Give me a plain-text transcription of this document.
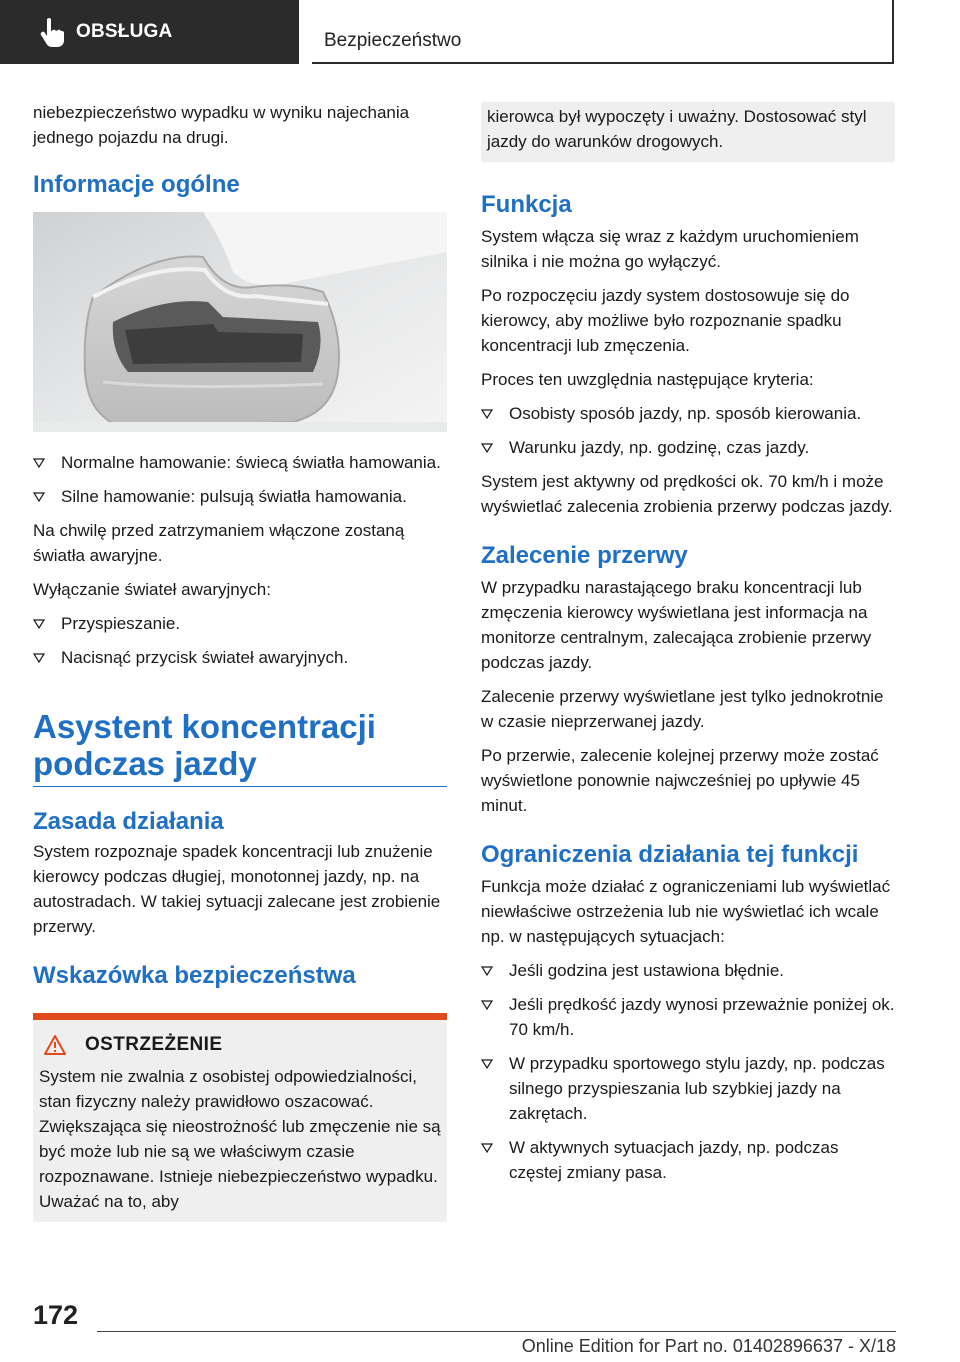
OBSŁUGA	Bezpieczeństwo

niebezpieczeństwo wypadku w wyniku najechania jednego pojazdu na drugi.

Informacje ogólne
Normalne hamowanie: świecą światła hamowania.
Silne hamowanie: pulsują światła hamowania.

Na chwilę przed zatrzymaniem włączone zostaną światła awaryjne.

Wyłączanie świateł awaryjnych:

Przyspieszanie.
Nacisnąć przycisk świateł awaryjnych.
Asystent koncentracji podczas jazdy
Zasada działania

System rozpoznaje spadek koncentracji lub znużenie kierowcy podczas długiej, monotonnej jazdy, np. na autostradach. W takiej sytuacji zalecane jest zrobienie przerwy.

Wskazówka bezpieczeństwa
OSTRZEŻENIE

System nie zwalnia z osobistej odpowiedzialności, stan fizyczny należy prawidłowo oszacować. Zwiększająca się nieostrożność lub zmęczenie nie są być może lub nie są we właściwym czasie rozpoznawane. Istnieje niebezpieczeństwo wypadku. Uważać na to, aby

kierowca był wypoczęty i uważny. Dostosować styl jazdy do warunków drogowych.

Funkcja

System włącza się wraz z każdym uruchomieniem silnika i nie można go wyłączyć.

Po rozpoczęciu jazdy system dostosowuje się do kierowcy, aby możliwe było rozpoznanie spadku koncentracji lub zmęczenia.

Proces ten uwzględnia następujące kryteria:

Osobisty sposób jazdy, np. sposób kierowania.
Warunku jazdy, np. godzinę, czas jazdy.

System jest aktywny od prędkości ok. 70 km/h i może wyświetlać zalecenia zrobienia przerwy podczas jazdy.

Zalecenie przerwy

W przypadku narastającego braku koncentracji lub zmęczenia kierowcy wyświetlana jest informacja na monitorze centralnym, zalecająca zrobienie przerwy podczas jazdy.

Zalecenie przerwy wyświetlane jest tylko jednokrotnie w czasie nieprzerwanej jazdy.

Po przerwie, zalecenie kolejnej przerwy może zostać wyświetlone ponownie najwcześniej po upływie 45 minut.

Ograniczenia działania tej funkcji

Funkcja może działać z ograniczeniami lub wyświetlać niewłaściwe ostrzeżenia lub nie wyświetlać ich wcale np. w następujących sytuacjach:

Jeśli godzina jest ustawiona błędnie.
Jeśli prędkość jazdy wynosi przeważnie poniżej ok. 70 km/h.
W przypadku sportowego stylu jazdy, np. podczas silnego przyspieszania lub szybkiej jazdy na zakrętach.
W aktywnych sytuacjach jazdy, np. podczas częstej zmiany pasa.
172
Online Edition for Part no. 01402896637 - X/18
